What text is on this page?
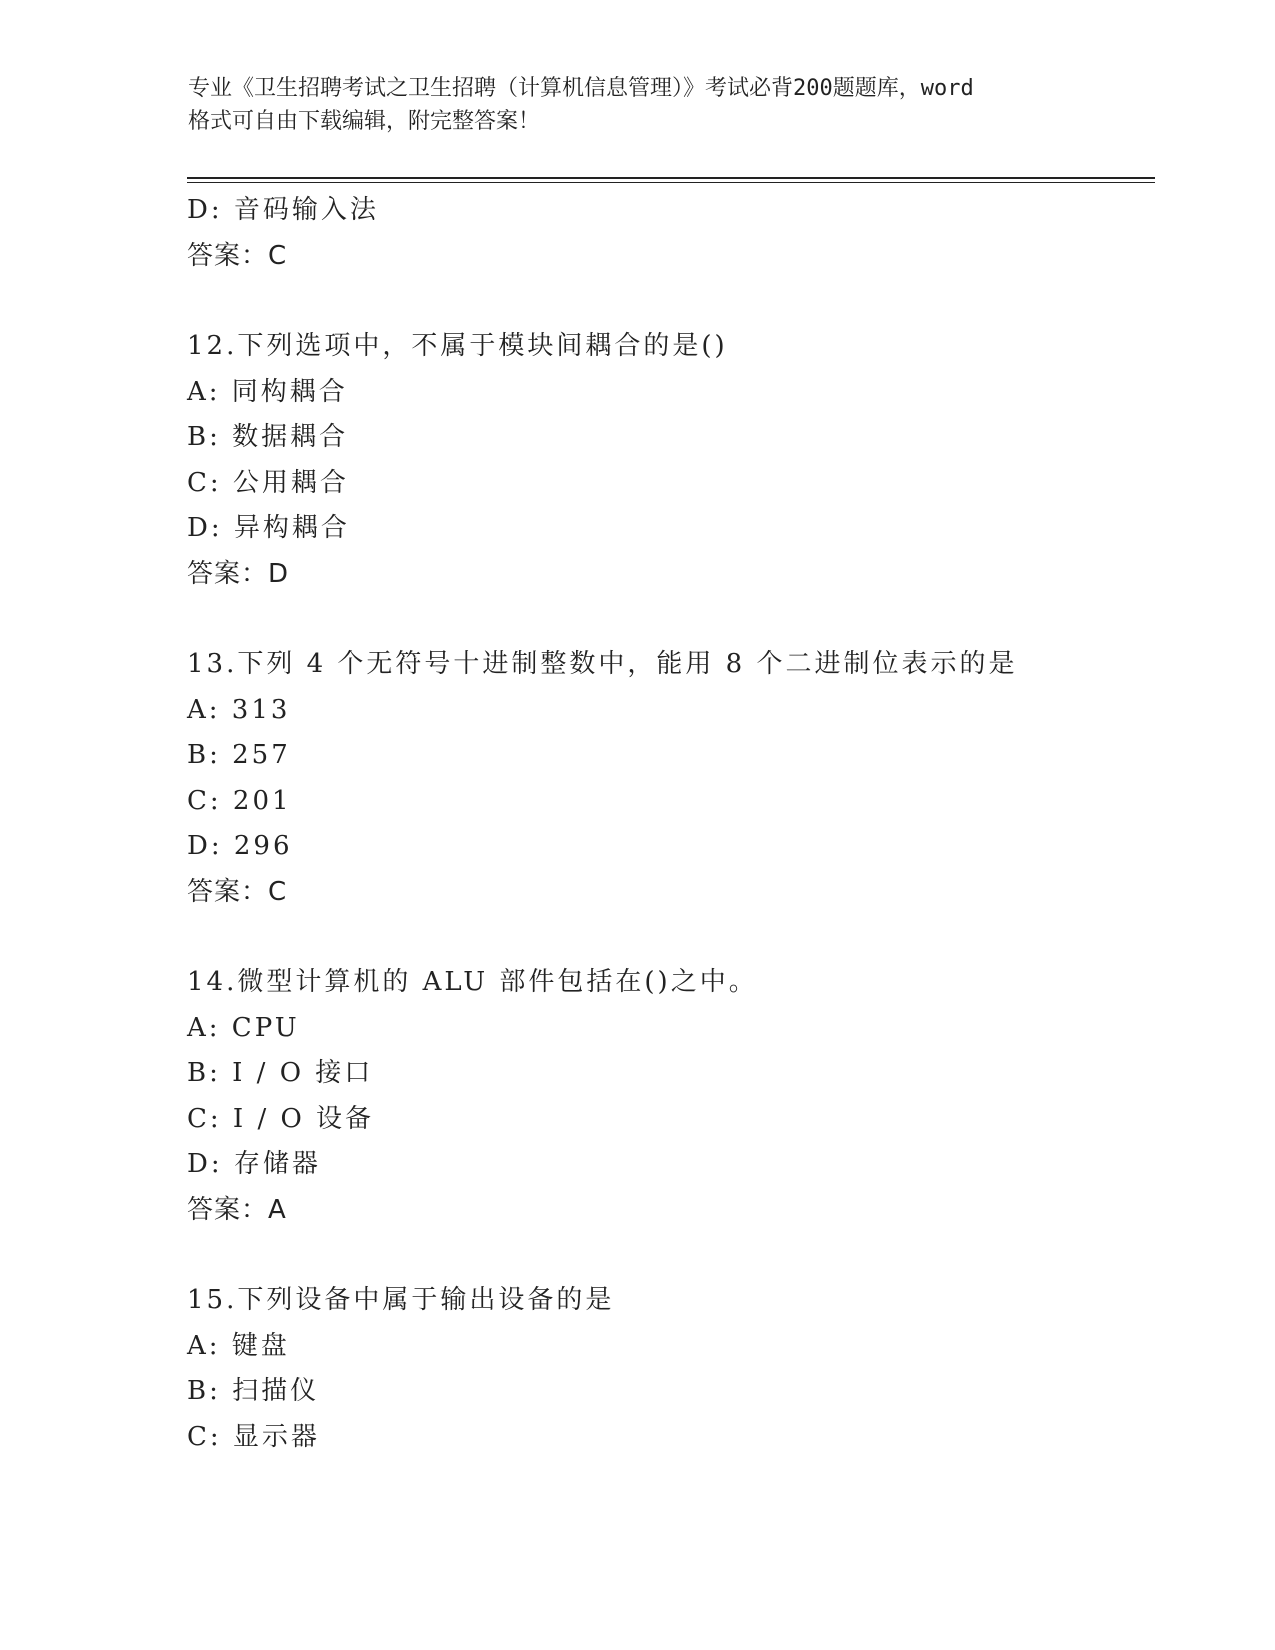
专业《卫生招聘考试之卫生招聘（计算机信息管理）》考试必背200题题库，word
格式可自由下载编辑，附完整答案！
D: 音码输入法
答案：C
12.下列选项中，不属于模块间耦合的是()
A: 同构耦合
B: 数据耦合
C: 公用耦合
D: 异构耦合
答案：D
13.下列 4 个无符号十进制整数中，能用 8 个二进制位表示的是
A: 313
B: 257
C: 201
D: 296
答案：C
14.微型计算机的 ALU 部件包括在()之中。
A: CPU
B: I / O 接口
C: I / O 设备
D: 存储器
答案：A
15.下列设备中属于输出设备的是
A: 键盘
B: 扫描仪
C: 显示器
